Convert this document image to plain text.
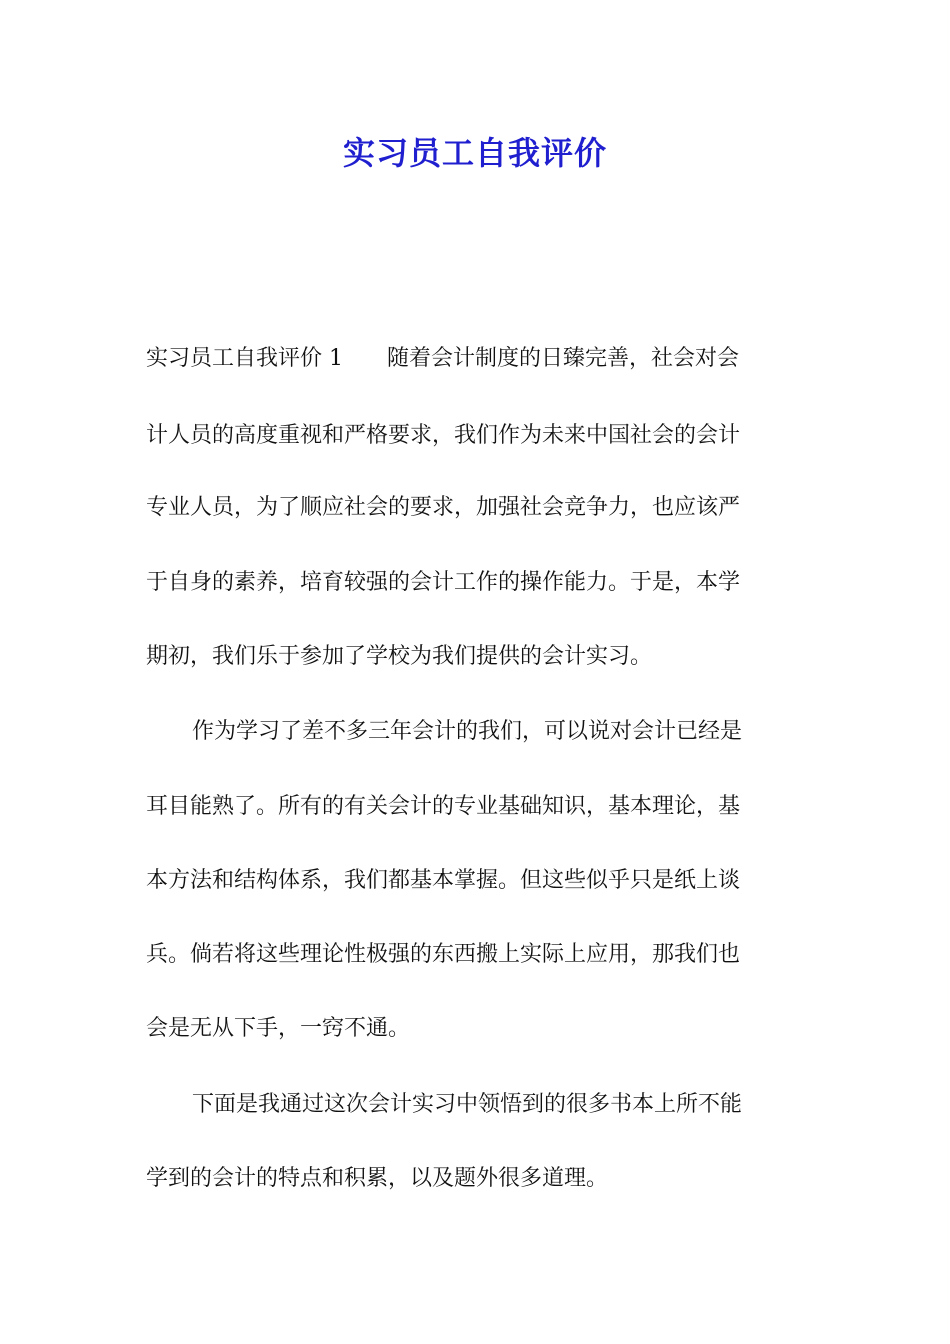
实习员工自我评价

实习员工自我评价 1　　随着会计制度的日臻完善，社会对会

计人员的高度重视和严格要求，我们作为未来中国社会的会计

专业人员，为了顺应社会的要求，加强社会竞争力，也应该严

于自身的素养，培育较强的会计工作的操作能力。于是，本学

期初，我们乐于参加了学校为我们提供的会计实习。

作为学习了差不多三年会计的我们，可以说对会计已经是

耳目能熟了。所有的有关会计的专业基础知识，基本理论，基

本方法和结构体系，我们都基本掌握。但这些似乎只是纸上谈

兵。倘若将这些理论性极强的东西搬上实际上应用，那我们也

会是无从下手，一窍不通。

下面是我通过这次会计实习中领悟到的很多书本上所不能

学到的会计的特点和积累，以及题外很多道理。
